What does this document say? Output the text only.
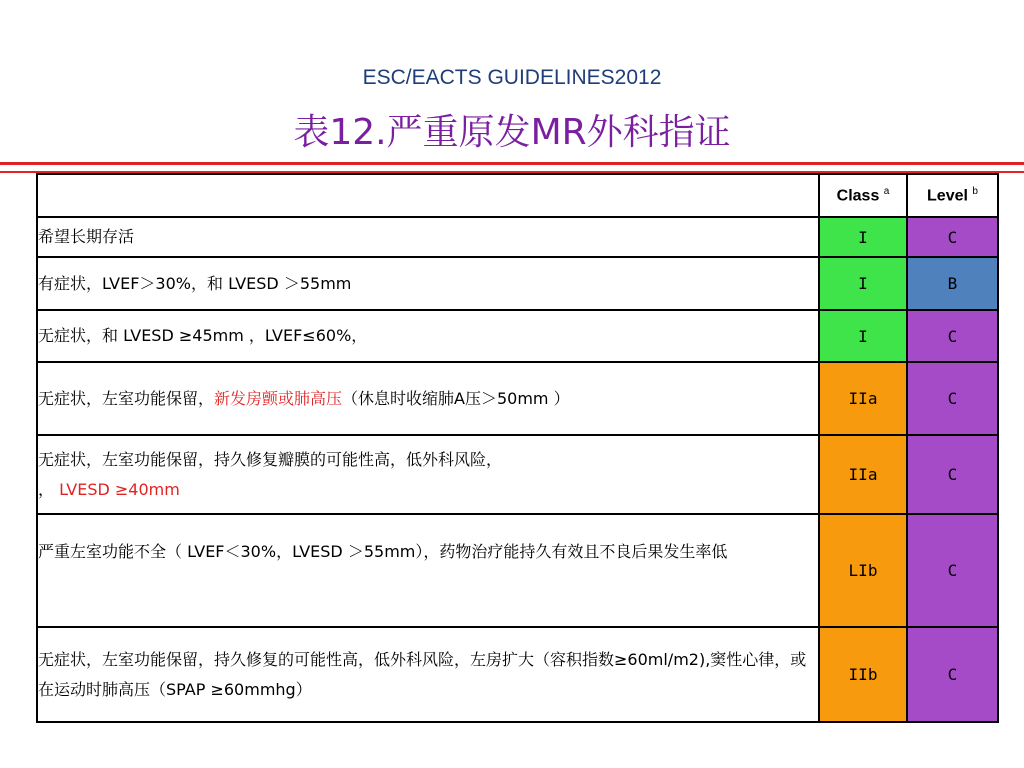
ESC/EACTS GUIDELINES2012
表12.严重原发MR外科指证
	Class $^a$	Level $^b$
希望长期存活	I	C
有症状，LVEF＞30%，和 LVESD ＞55mm	I	B
无症状，和 LVESD ≥45mm ，LVEF≤60%，	I	C
无症状，左室功能保留，新发房颤或肺高压（休息时收缩肺A压＞50mm ）	IIa	C

无症状，左室功能保留，持久修复瓣膜的可能性高，低外科风险，
， LVESD ≥40mm	IIa	C
严重左室功能不全（ LVEF＜30%，LVESD ＞55mm），药物治疗能持久有效且不良后果发生率低	LIb	C
无症状，左室功能保留，持久修复的可能性高，低外科风险，左房扩大（容积指数≥60ml/m2),窦性心律，或在运动时肺高压（SPAP ≥60mmhg）	IIb	C
